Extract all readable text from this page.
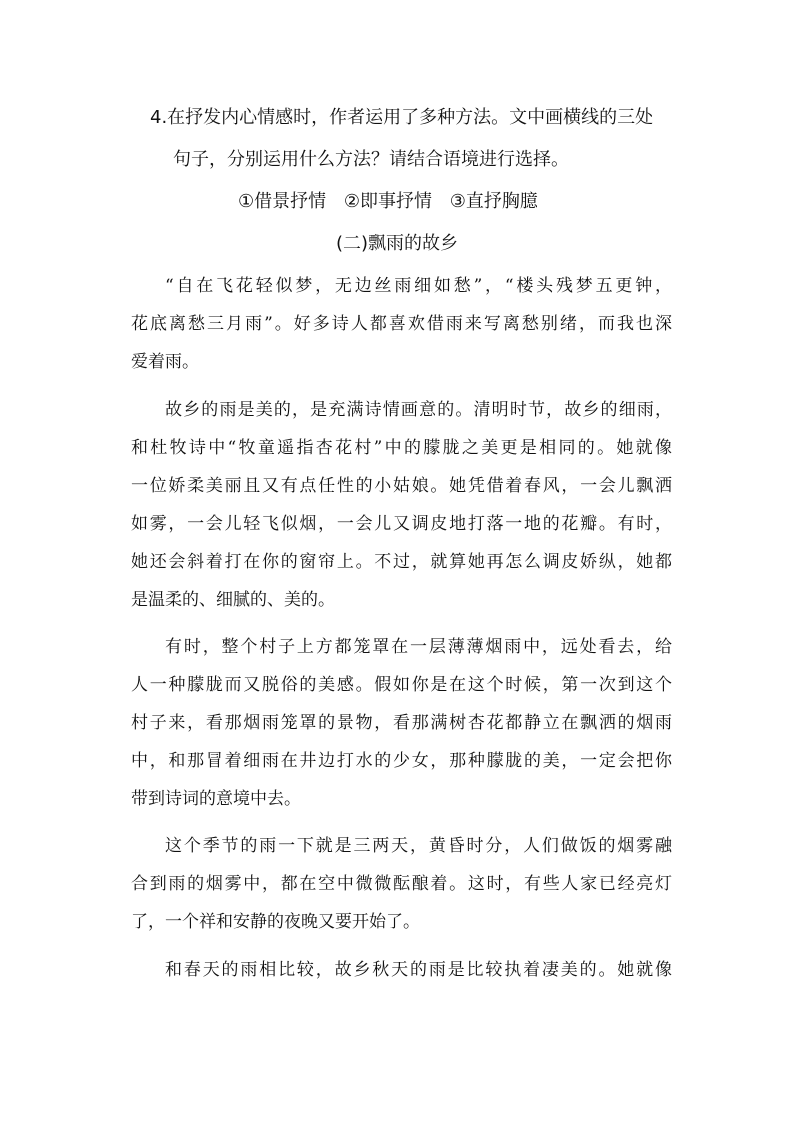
4.在抒发内心情感时，作者运用了多种方法。文中画横线的三处
句子，分别运用什么方法？请结合语境进行选择。
①借景抒情 ②即事抒情 ③直抒胸臆
(二)飘雨的故乡
“自在飞花轻似梦，无边丝雨细如愁”，“楼头残梦五更钟，
花底离愁三月雨”。好多诗人都喜欢借雨来写离愁别绪，而我也深
爱着雨。
故乡的雨是美的，是充满诗情画意的。清明时节，故乡的细雨，
和杜牧诗中“牧童遥指杏花村”中的朦胧之美更是相同的。她就像
一位娇柔美丽且又有点任性的小姑娘。她凭借着春风，一会儿飘洒
如雾，一会儿轻飞似烟，一会儿又调皮地打落一地的花瓣。有时，
她还会斜着打在你的窗帘上。不过，就算她再怎么调皮娇纵，她都
是温柔的、细腻的、美的。
有时，整个村子上方都笼罩在一层薄薄烟雨中，远处看去，给
人一种朦胧而又脱俗的美感。假如你是在这个时候，第一次到这个
村子来，看那烟雨笼罩的景物，看那满树杏花都静立在飘洒的烟雨
中，和那冒着细雨在井边打水的少女，那种朦胧的美，一定会把你
带到诗词的意境中去。
这个季节的雨一下就是三两天，黄昏时分，人们做饭的烟雾融
合到雨的烟雾中，都在空中微微酝酿着。这时，有些人家已经亮灯
了，一个祥和安静的夜晚又要开始了。
和春天的雨相比较，故乡秋天的雨是比较执着凄美的。她就像
